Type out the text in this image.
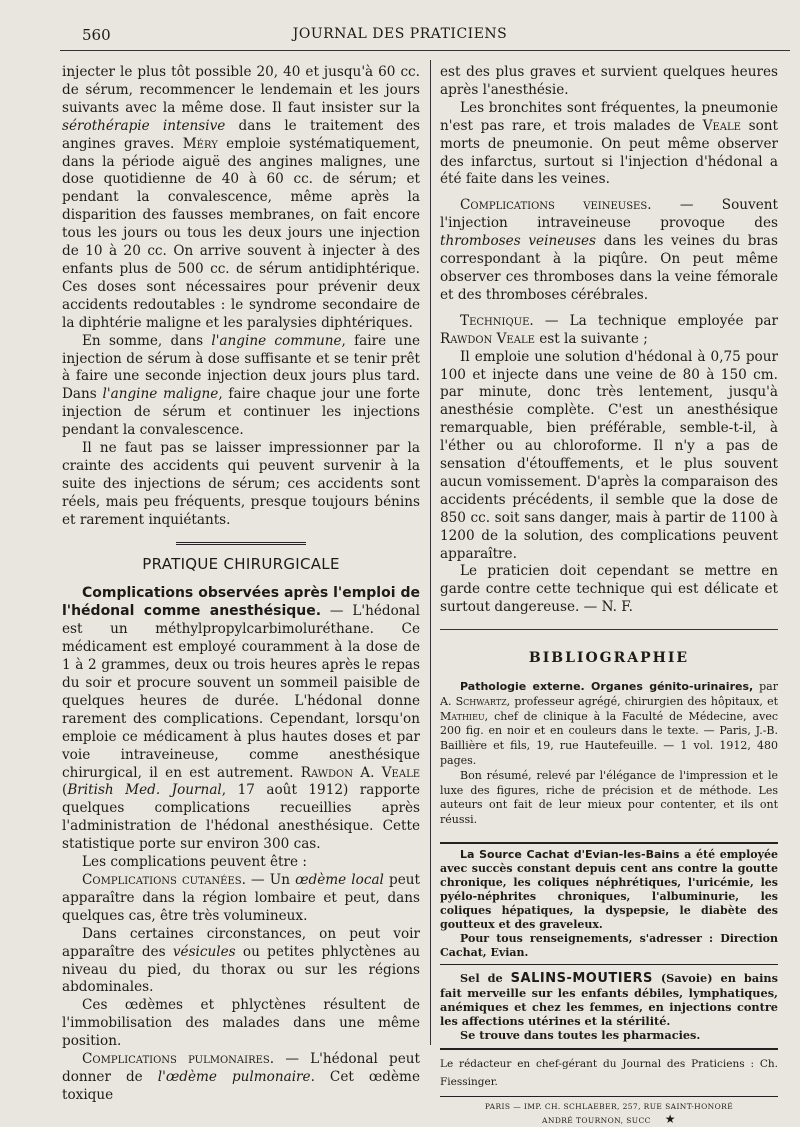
560	JOURNAL DES PRATICIENS

injecter le plus tôt possible 20, 40 et jusqu'à 60 cc. de sérum, recommencer le lendemain et les jours suivants avec la même dose. Il faut insister sur la sérothérapie intensive dans le traitement des angines graves. Méry emploie systématiquement, dans la période aiguë des angines malignes, une dose quotidienne de 40 à 60 cc. de sérum; et pendant la convalescence, même après la disparition des fausses membranes, on fait encore tous les jours ou tous les deux jours une injection de 10 à 20 cc. On arrive souvent à injecter à des enfants plus de 500 cc. de sérum antidiphtérique. Ces doses sont nécessaires pour prévenir deux accidents redoutables : le syndrome secondaire de la diphtérie maligne et les paralysies diphtériques.

En somme, dans l'angine commune, faire une injection de sérum à dose suffisante et se tenir prêt à faire une seconde injection deux jours plus tard. Dans l'angine maligne, faire chaque jour une forte injection de sérum et continuer les injections pendant la convalescence.

Il ne faut pas se laisser impressionner par la crainte des accidents qui peuvent survenir à la suite des injections de sérum; ces accidents sont réels, mais peu fréquents, presque toujours bénins et rarement inquiétants.

PRATIQUE CHIRURGICALE

Complications observées après l'emploi de l'hédonal comme anesthésique. — L'hédonal est un méthylpropylcarbimoluréthane. Ce médicament est employé couramment à la dose de 1 à 2 grammes, deux ou trois heures après le repas du soir et procure souvent un sommeil paisible de quelques heures de durée. L'hédonal donne rarement des complications. Cependant, lorsqu'on emploie ce médicament à plus hautes doses et par voie intraveineuse, comme anesthésique chirurgical, il en est autrement. Rawdon A. Veale (British Med. Journal, 17 août 1912) rapporte quelques complications recueillies après l'administration de l'hédonal anesthésique. Cette statistique porte sur environ 300 cas.

Les complications peuvent être :

Complications cutanées. — Un œdème local peut apparaître dans la région lombaire et peut, dans quelques cas, être très volumineux.

Dans certaines circonstances, on peut voir apparaître des vésicules ou petites phlyctènes au niveau du pied, du thorax ou sur les régions abdominales.

Ces œdèmes et phlyctènes résultent de l'immobilisation des malades dans une même position.

Complications pulmonaires. — L'hédonal peut donner de l'œdème pulmonaire. Cet œdème toxique

est des plus graves et survient quelques heures après l'anesthésie.

Les bronchites sont fréquentes, la pneumonie n'est pas rare, et trois malades de Veale sont morts de pneumonie. On peut même observer des infarctus, surtout si l'injection d'hédonal a été faite dans les veines.

Complications veineuses. — Souvent l'injection intraveineuse provoque des thromboses veineuses dans les veines du bras correspondant à la piqûre. On peut même observer ces thromboses dans la veine fémorale et des thromboses cérébrales.

Technique. — La technique employée par Rawdon Veale est la suivante ;

Il emploie une solution d'hédonal à 0,75 pour 100 et injecte dans une veine de 80 à 150 cm. par minute, donc très lentement, jusqu'à anesthésie complète. C'est un anesthésique remarquable, bien préférable, semble-t-il, à l'éther ou au chloroforme. Il n'y a pas de sensation d'étouffements, et le plus souvent aucun vomissement. D'après la comparaison des accidents précédents, il semble que la dose de 850 cc. soit sans danger, mais à partir de 1100 à 1200 de la solution, des complications peuvent apparaître.

Le praticien doit cependant se mettre en garde contre cette technique qui est délicate et surtout dangereuse. — N. F.

BIBLIOGRAPHIE

Pathologie externe. Organes génito-urinaires, par A. Schwartz, professeur agrégé, chirurgien des hôpitaux, et Mathieu, chef de clinique à la Faculté de Médecine, avec 200 fig. en noir et en couleurs dans le texte. — Paris, J.-B. Baillière et fils, 19, rue Hautefeuille. — 1 vol. 1912, 480 pages.

Bon résumé, relevé par l'élégance de l'impression et le luxe des figures, riche de précision et de méthode. Les auteurs ont fait de leur mieux pour contenter, et ils ont réussi.

La Source Cachat d'Evian-les-Bains a été employée avec succès constant depuis cent ans contre la goutte chronique, les coliques néphrétiques, l'uricémie, les pyélo-néphrites chroniques, l'albuminurie, les coliques hépatiques, la dyspepsie, le diabète des goutteux et des graveleux.

Pour tous renseignements, s'adresser : Direction Cachat, Evian.

Sel de SALINS-MOUTIERS (Savoie) en bains fait merveille sur les enfants débiles, lymphatiques, anémiques et chez les femmes, en injections contre les affections utérines et la stérilité.

Se trouve dans toutes les pharmacies.

Le rédacteur en chef-gérant du Journal des Praticiens : Ch. Fiessinger.
PARIS — IMP. CH. SCHLAEBER, 257, RUE SAINT-HONORÉ
ANDRÉ TOURNON, SUCC ★
